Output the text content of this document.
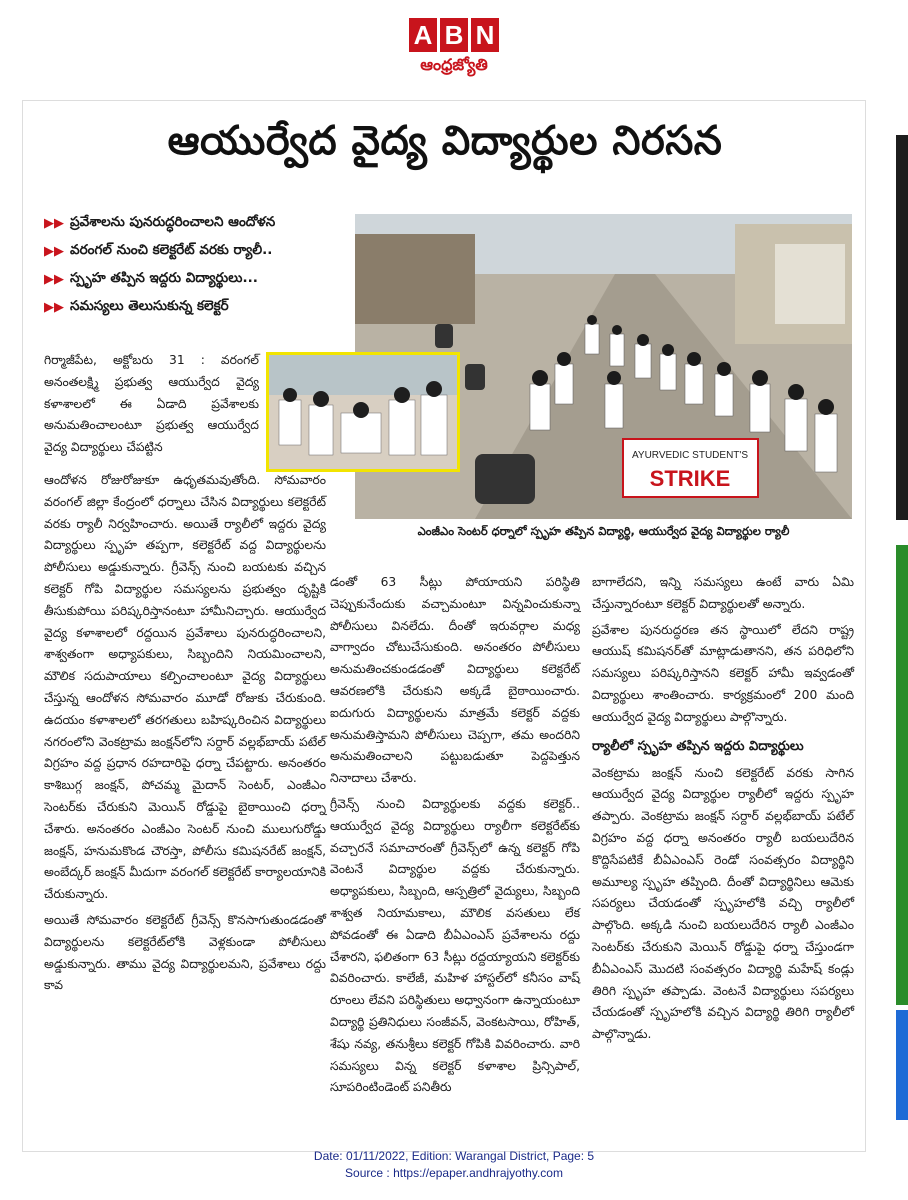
A B N
ఆంధ్రజ్యోతి
ఆయుర్వేద వైద్య విద్యార్థుల నిరసన
▶▶ ప్రవేశాలను పునరుద్ధరించాలని ఆందోళన
▶▶ వరంగల్ నుంచి కలెక్టరేట్ వరకు ర్యాలీ..
▶▶ స్పృహ తప్పిన ఇద్దరు విద్యార్థులు...
▶▶ సమస్యలు తెలుసుకున్న కలెక్టర్
AYURVEDIC STUDENT'S
STRIKE
ఎంజీఎం సెంటర్ ధర్నాలో స్పృహ తప్పిన విద్యార్థి, ఆయుర్వేద వైద్య విద్యార్థుల ర్యాలీ

గిర్మాజీపేట, అక్టోబరు 31 : వరంగల్ అనంతలక్ష్మి ప్రభుత్వ ఆయుర్వేద వైద్య కళాశాలలో ఈ ఏడాది ప్రవేశాలకు అనుమతించాలంటూ ప్రభుత్వ ఆయుర్వేద వైద్య విద్యార్థులు చేపట్టిన

ఆందోళన రోజురోజుకూ ఉధృతమవుతోంది. సోమవారం వరంగల్ జిల్లా కేంద్రంలో ధర్నాలు చేసిన విద్యార్థులు కలెక్టరేట్ వరకు ర్యాలీ నిర్వహించారు. అయితే ర్యాలీలో ఇద్దరు వైద్య విద్యార్థులు స్పృహ తప్పగా, కలెక్టరేట్ వద్ద విద్యార్థులను పోలీసులు అడ్డుకున్నారు. గ్రీవెన్స్ నుంచి బయటకు వచ్చిన కలెక్టర్ గోపి విద్యార్థుల సమస్యలను ప్రభుత్వం దృష్టికి తీసుకుపోయి పరిష్కరిస్తానంటూ హామీనిచ్చారు. ఆయుర్వేద వైద్య కళాశాలలో రద్దయిన ప్రవేశాలు పునరుద్ధరించాలని, శాశ్వతంగా అధ్యాపకులు, సిబ్బందిని నియమించాలని, మౌలిక సదుపాయాలు కల్పించాలంటూ వైద్య విద్యార్థులు చేస్తున్న ఆందోళన సోమవారం మూడో రోజుకు చేరుకుంది. ఉదయం కళాశాలలో తరగతులు బహిష్కరించిన విద్యార్థులు నగరంలోని వెంకట్రామ జంక్షన్‌లోని సర్దార్ వల్లభ్‌బాయ్ పటేల్ విగ్రహం వద్ద ప్రధాన రహదారిపై ధర్నా చేపట్టారు. అనంతరం కాశిబుగ్గ జంక్షన్, పోచమ్మ మైదాన్ సెంటర్, ఎంజీఎం సెంటర్‌కు చేరుకుని మెయిన్ రోడ్డుపై బైఠాయించి ధర్నా చేశారు. అనంతరం ఎంజీఎం సెంటర్ నుంచి ములుగురోడ్డు జంక్షన్, హనుమకొండ చౌరస్తా, పోలీసు కమిషనరేట్ జంక్షన్, అంబేద్కర్ జంక్షన్ మీదుగా వరంగల్ కలెక్టరేట్ కార్యాలయానికి చేరుకున్నారు.

అయితే సోమవారం కలెక్టరేట్ గ్రీవెన్స్ కొనసాగుతుండడంతో విద్యార్థులను కలెక్టరేట్‌లోకి వెళ్లకుండా పోలీసులు అడ్డుకున్నారు. తాము వైద్య విద్యార్థులమని, ప్రవేశాలు రద్దు కావ

డంతో 63 సీట్లు పోయాయని పరిస్థితి చెప్పుకునేందుకు వచ్చామంటూ విన్నవించుకున్నా పోలీసులు వినలేదు. దీంతో ఇరువర్గాల మధ్య వాగ్వాదం చోటుచేసుకుంది. అనంతరం పోలీసులు అనుమతించకుండడంతో విద్యార్థులు కలెక్టరేట్ ఆవరణలోకి చేరుకుని అక్కడే బైఠాయించారు. ఐదుగురు విద్యార్థులను మాత్రమే కలెక్టర్ వద్దకు అనుమతిస్తామని పోలీసులు చెప్పగా, తమ అందరిని అనుమతించాలని పట్టుబడుతూ పెద్దపెత్తున నినాదాలు చేశారు.

గ్రీవెన్స్ నుంచి విద్యార్థులకు వద్దకు కలెక్టర్.. ఆయుర్వేద వైద్య విద్యార్థులు ర్యాలీగా కలెక్టరేట్‌కు వచ్చారనే సమాచారంతో గ్రీవెన్స్‌లో ఉన్న కలెక్టర్ గోపి వెంటనే విద్యార్థుల వద్దకు చేరుకున్నారు. అధ్యాపకులు, సిబ్బంది, ఆస్పత్రిలో వైద్యులు, సిబ్బంది శాశ్వత నియామకాలు, మౌలిక వసతులు లేక పోవడంతో ఈ ఏడాది బీఏఎంఎస్ ప్రవేశాలను రద్దు చేశారని, ఫలితంగా 63 సీట్లు రద్దయ్యాయని కలెక్టర్‌కు వివరించారు. కాలేజీ, మహిళ హాస్టల్‌లో కనీసం వాష్ రూంలు లేవని పరిస్థితులు అధ్వానంగా ఉన్నాయంటూ విద్యార్థి ప్రతినిధులు సంజీవన్, వెంకటసాయి, రోహిత్, శేషు నవ్య, తనుశ్రీలు కలెక్టర్ గోపికి వివరించారు. వారి సమస్యలు విన్న కలెక్టర్ కళాశాల ప్రిన్సిపాల్, సూపరింటిండెంట్ పనితీరు

బాగాలేదని, ఇన్ని సమస్యలు ఉంటే వారు ఏమి చేస్తున్నారంటూ కలెక్టర్ విద్యార్థులతో అన్నారు.

ప్రవేశాల పునరుద్ధరణ తన స్థాయిలో లేదని రాష్ట్ర ఆయుష్ కమిషనర్‌తో మాట్లాడుతానని, తన పరిధిలోని సమస్యలు పరిష్కరిస్తానని కలెక్టర్ హామీ ఇవ్వడంతో విద్యార్థులు శాంతించారు. కార్యక్రమంలో 200 మంది ఆయుర్వేద వైద్య విద్యార్థులు పాల్గొన్నారు.

ర్యాలీలో స్పృహ తప్పిన ఇద్దరు విద్యార్థులు

వెంకట్రామ జంక్షన్ నుంచి కలెక్టరేట్ వరకు సాగిన ఆయుర్వేద వైద్య విద్యార్థుల ర్యాలీలో ఇద్దరు స్పృహ తప్పారు. వెంకట్రామ జంక్షన్ సర్దార్ వల్లభ్‌బాయ్ పటేల్ విగ్రహం వద్ద ధర్నా అనంతరం ర్యాలీ బయలుదేరిన కొద్దిసేపటికే బీఏఎంఎస్ రెండో సంవత్సరం విద్యార్థిని అమూల్య స్పృహ తప్పింది. దీంతో విద్యార్థినిలు ఆమెకు సపర్యలు చేయడంతో స్పృహలోకి వచ్చి ర్యాలీలో పాల్గొంది. అక్కడి నుంచి బయలుదేరిన ర్యాలీ ఎంజీఎం సెంటర్‌కు చేరుకుని మెయిన్ రోడ్డుపై ధర్నా చేస్తుండగా బీఏఎంఎస్ మొదటి సంవత్సరం విద్యార్థి మహేష్ కండ్లు తిరిగి స్పృహ తప్పాడు. వెంటనే విద్యార్థులు సపర్యలు చేయడంతో స్పృహలోకి వచ్చిన విద్యార్థి తిరిగి ర్యాలీలో పాల్గొన్నాడు.

Date: 01/11/2022, Edition: Warangal District, Page: 5
Source : https://epaper.andhrajyothy.com
